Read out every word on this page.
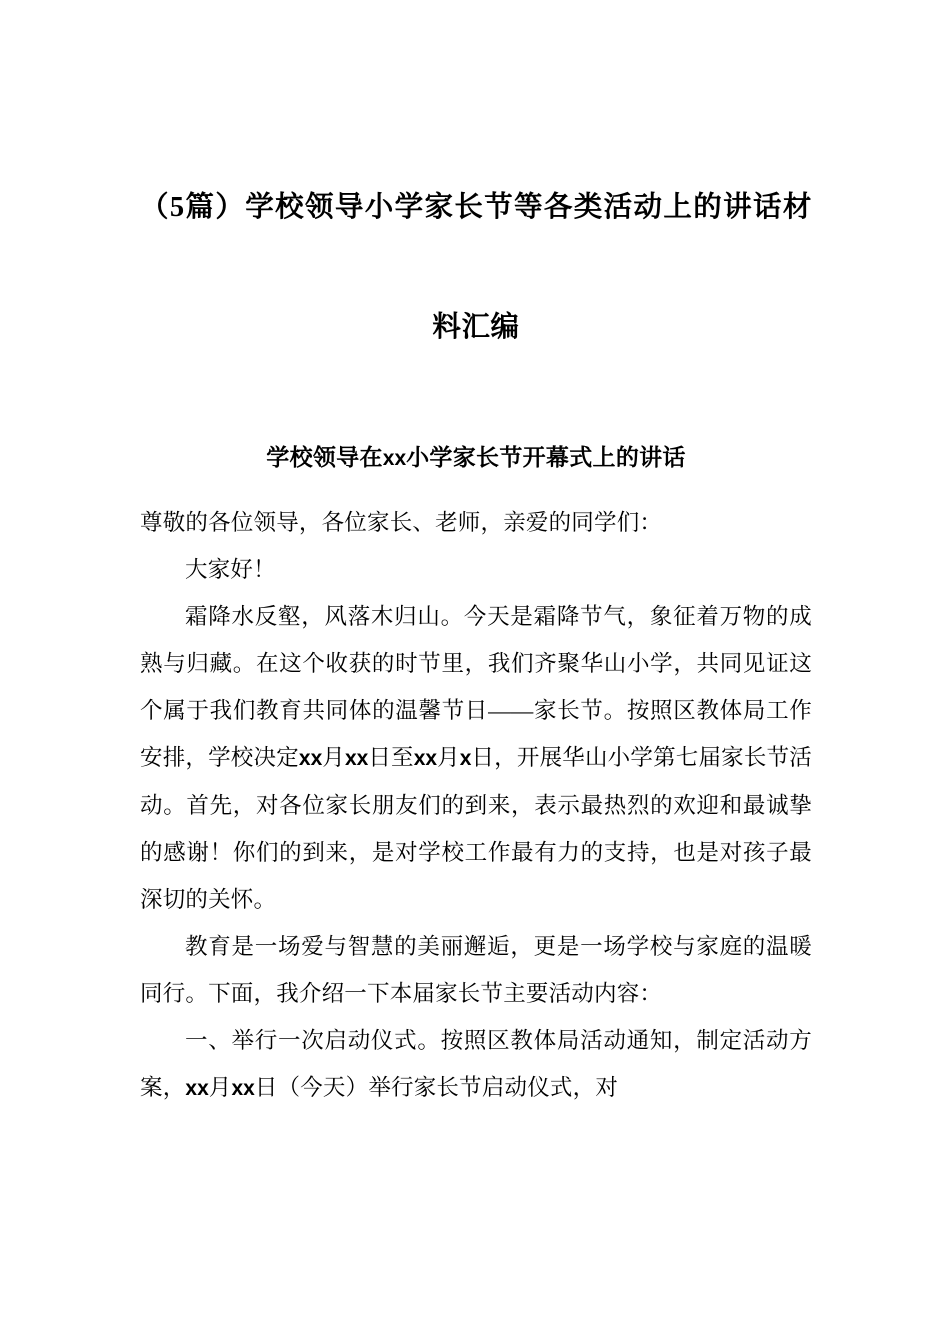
（5篇）学校领导小学家长节等各类活动上的讲话材料汇编
学校领导在xx小学家长节开幕式上的讲话

尊敬的各位领导，各位家长、老师，亲爱的同学们：

大家好！

霜降水反壑，风落木归山。今天是霜降节气，象征着万物的成熟与归藏。在这个收获的时节里，我们齐聚华山小学，共同见证这个属于我们教育共同体的温馨节日——家长节。按照区教体局工作安排，学校决定xx月xx日至xx月x日，开展华山小学第七届家长节活动。首先，对各位家长朋友们的到来，表示最热烈的欢迎和最诚挚的感谢！你们的到来，是对学校工作最有力的支持，也是对孩子最深切的关怀。

教育是一场爱与智慧的美丽邂逅，更是一场学校与家庭的温暖同行。下面，我介绍一下本届家长节主要活动内容：

一、举行一次启动仪式。按照区教体局活动通知，制定活动方案，xx月xx日（今天）举行家长节启动仪式，对
